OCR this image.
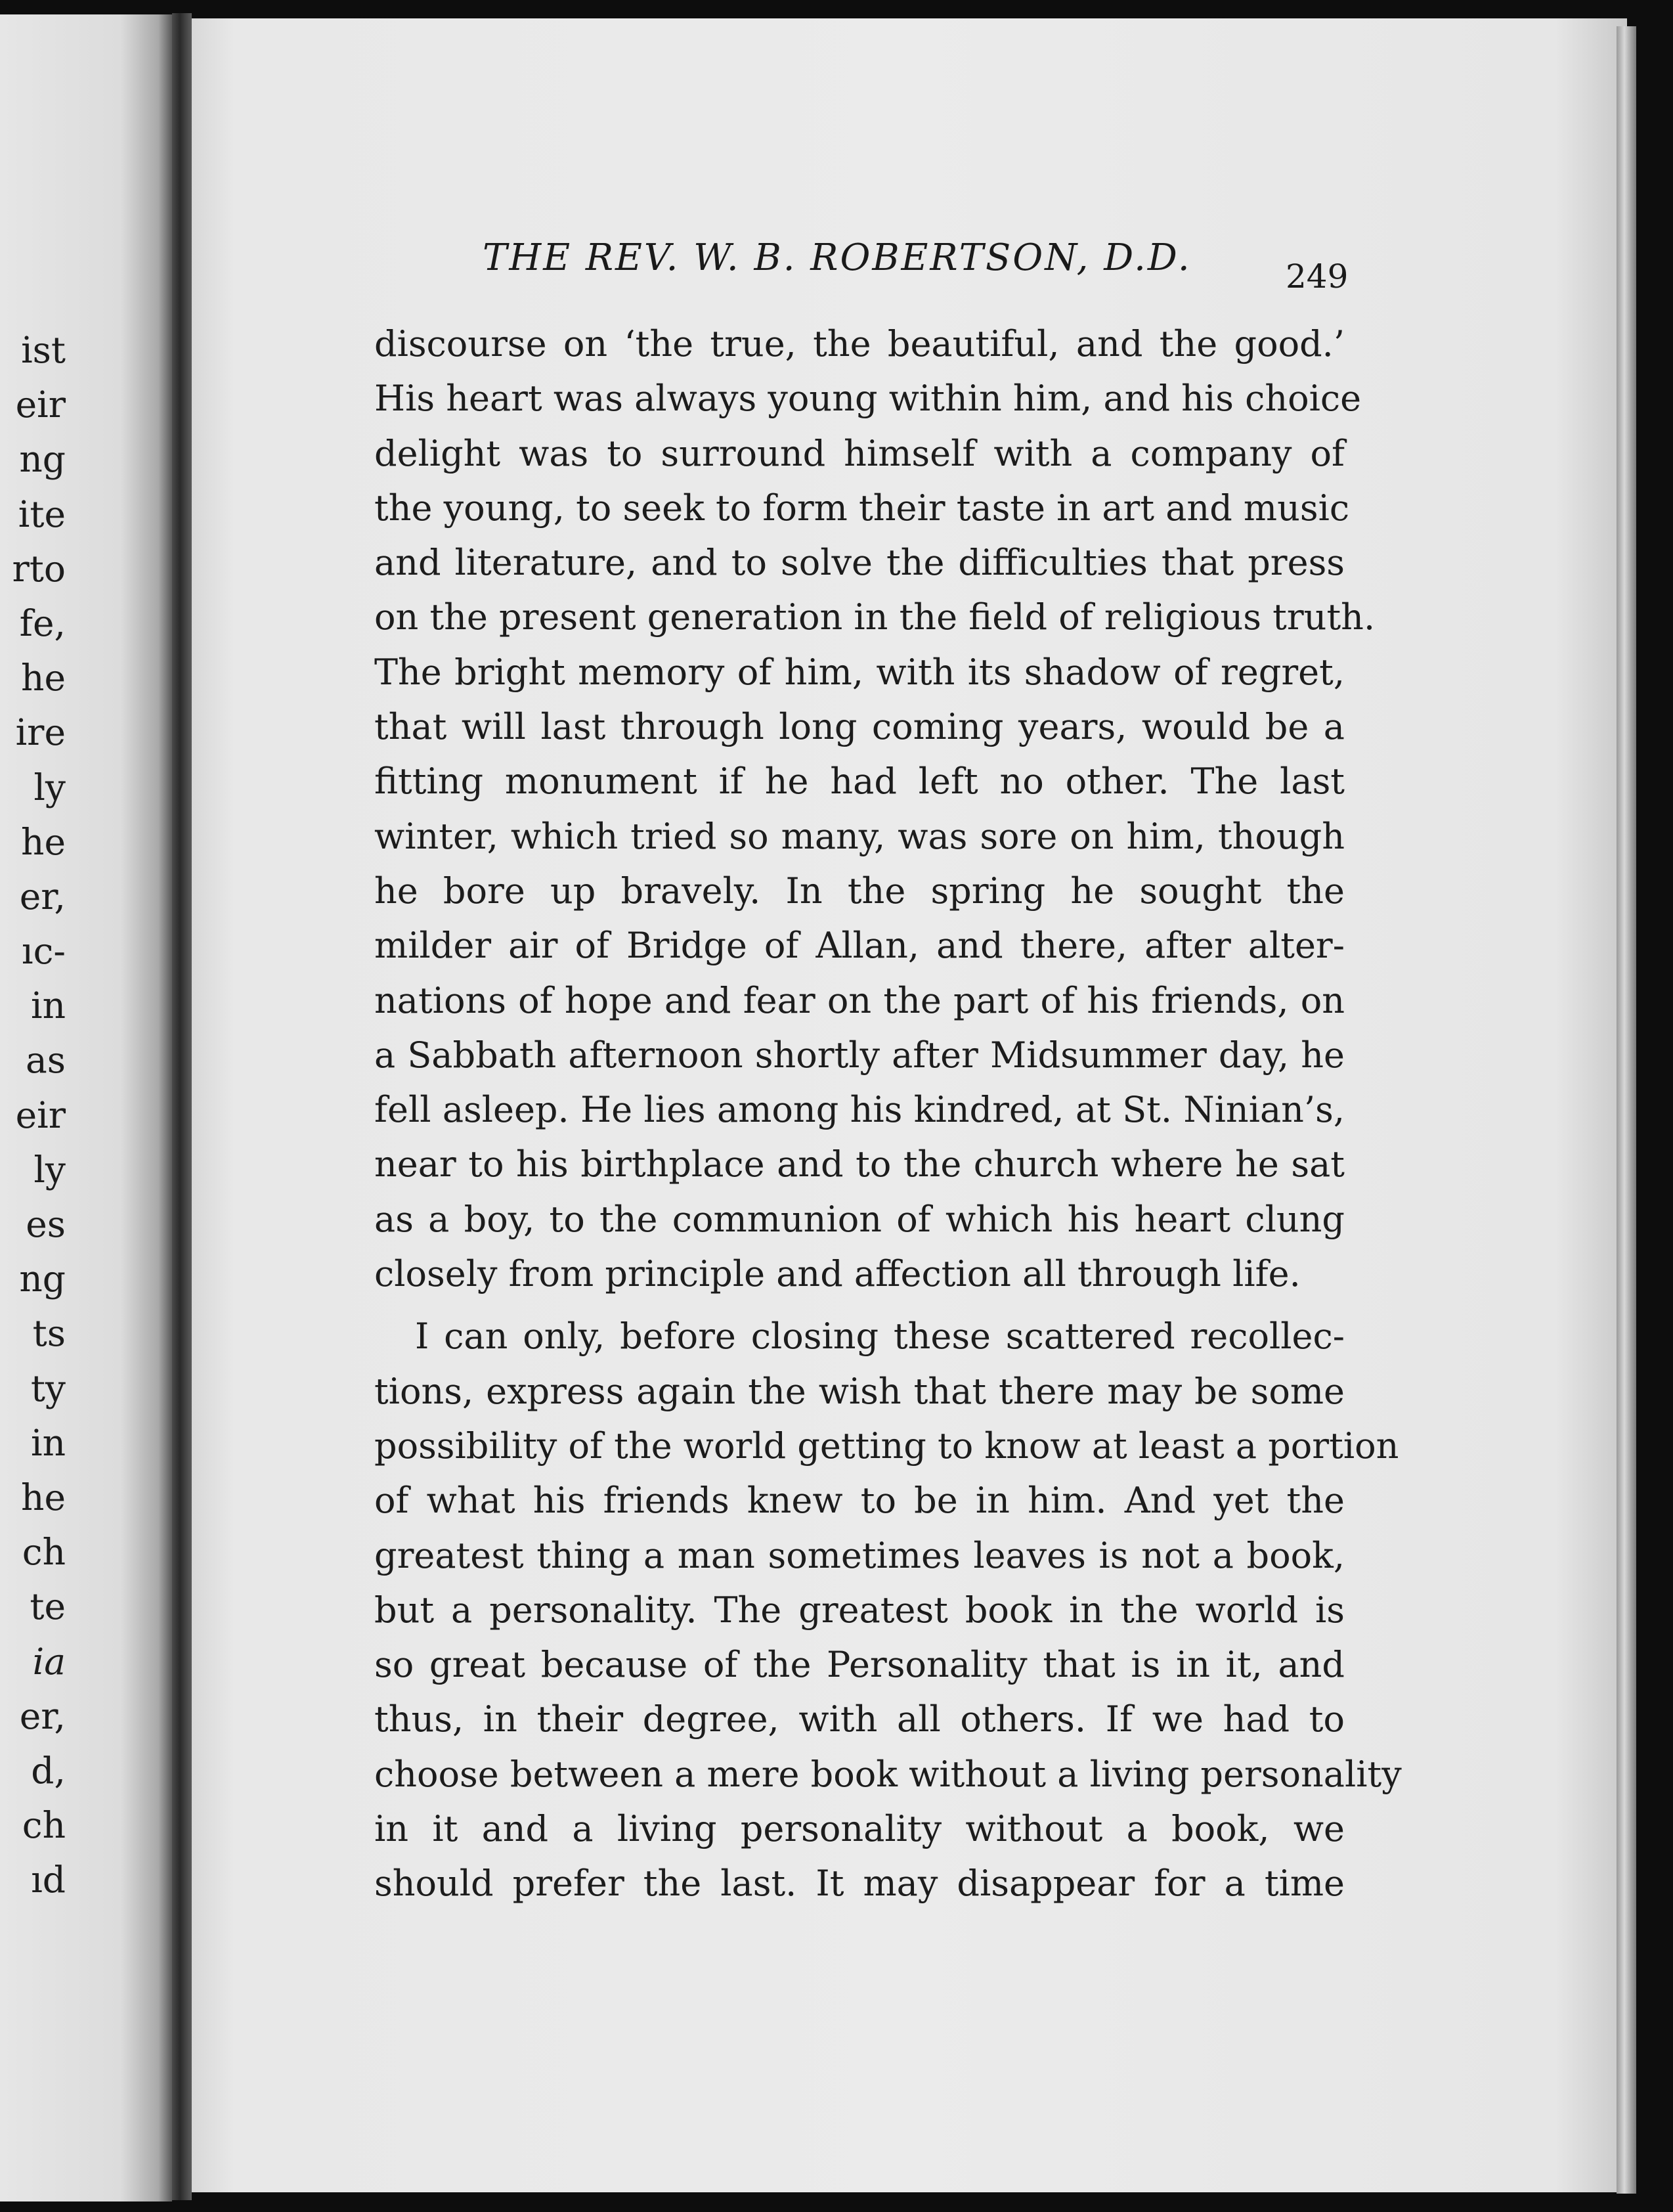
ist
eir
ng
ite
rto
fe,
he
ire
ly
he
er,
ıc-
in
as
eir
ly
es
ng
ts
ty
in
he
ch
te
ia
er,
d,
ch
ıd
THE REV. W. B. ROBERTSON, D.D.	249
discourse on ‘the true, the beautiful, and the good.’
His heart was always young within him, and his choice
delight was to surround himself with a company of
the young, to seek to form their taste in art and music
and literature, and to solve the difficulties that press
on the present generation in the field of religious truth.
The bright memory of him, with its shadow of regret,
that will last through long coming years, would be a
fitting monument if he had left no other. The last
winter, which tried so many, was sore on him, though
he bore up bravely. In the spring he sought the
milder air of Bridge of Allan, and there, after alter-
nations of hope and fear on the part of his friends, on
a Sabbath afternoon shortly after Midsummer day, he
fell asleep. He lies among his kindred, at St. Ninian’s,
near to his birthplace and to the church where he sat
as a boy, to the communion of which his heart clung
closely from principle and affection all through life.
I can only, before closing these scattered recollec-
tions, express again the wish that there may be some
possibility of the world getting to know at least a portion
of what his friends knew to be in him. And yet the
greatest thing a man sometimes leaves is not a book,
but a personality. The greatest book in the world is
so great because of the Personality that is in it, and
thus, in their degree, with all others. If we had to
choose between a mere book without a living personality
in it and a living personality without a book, we
should prefer the last. It may disappear for a time
